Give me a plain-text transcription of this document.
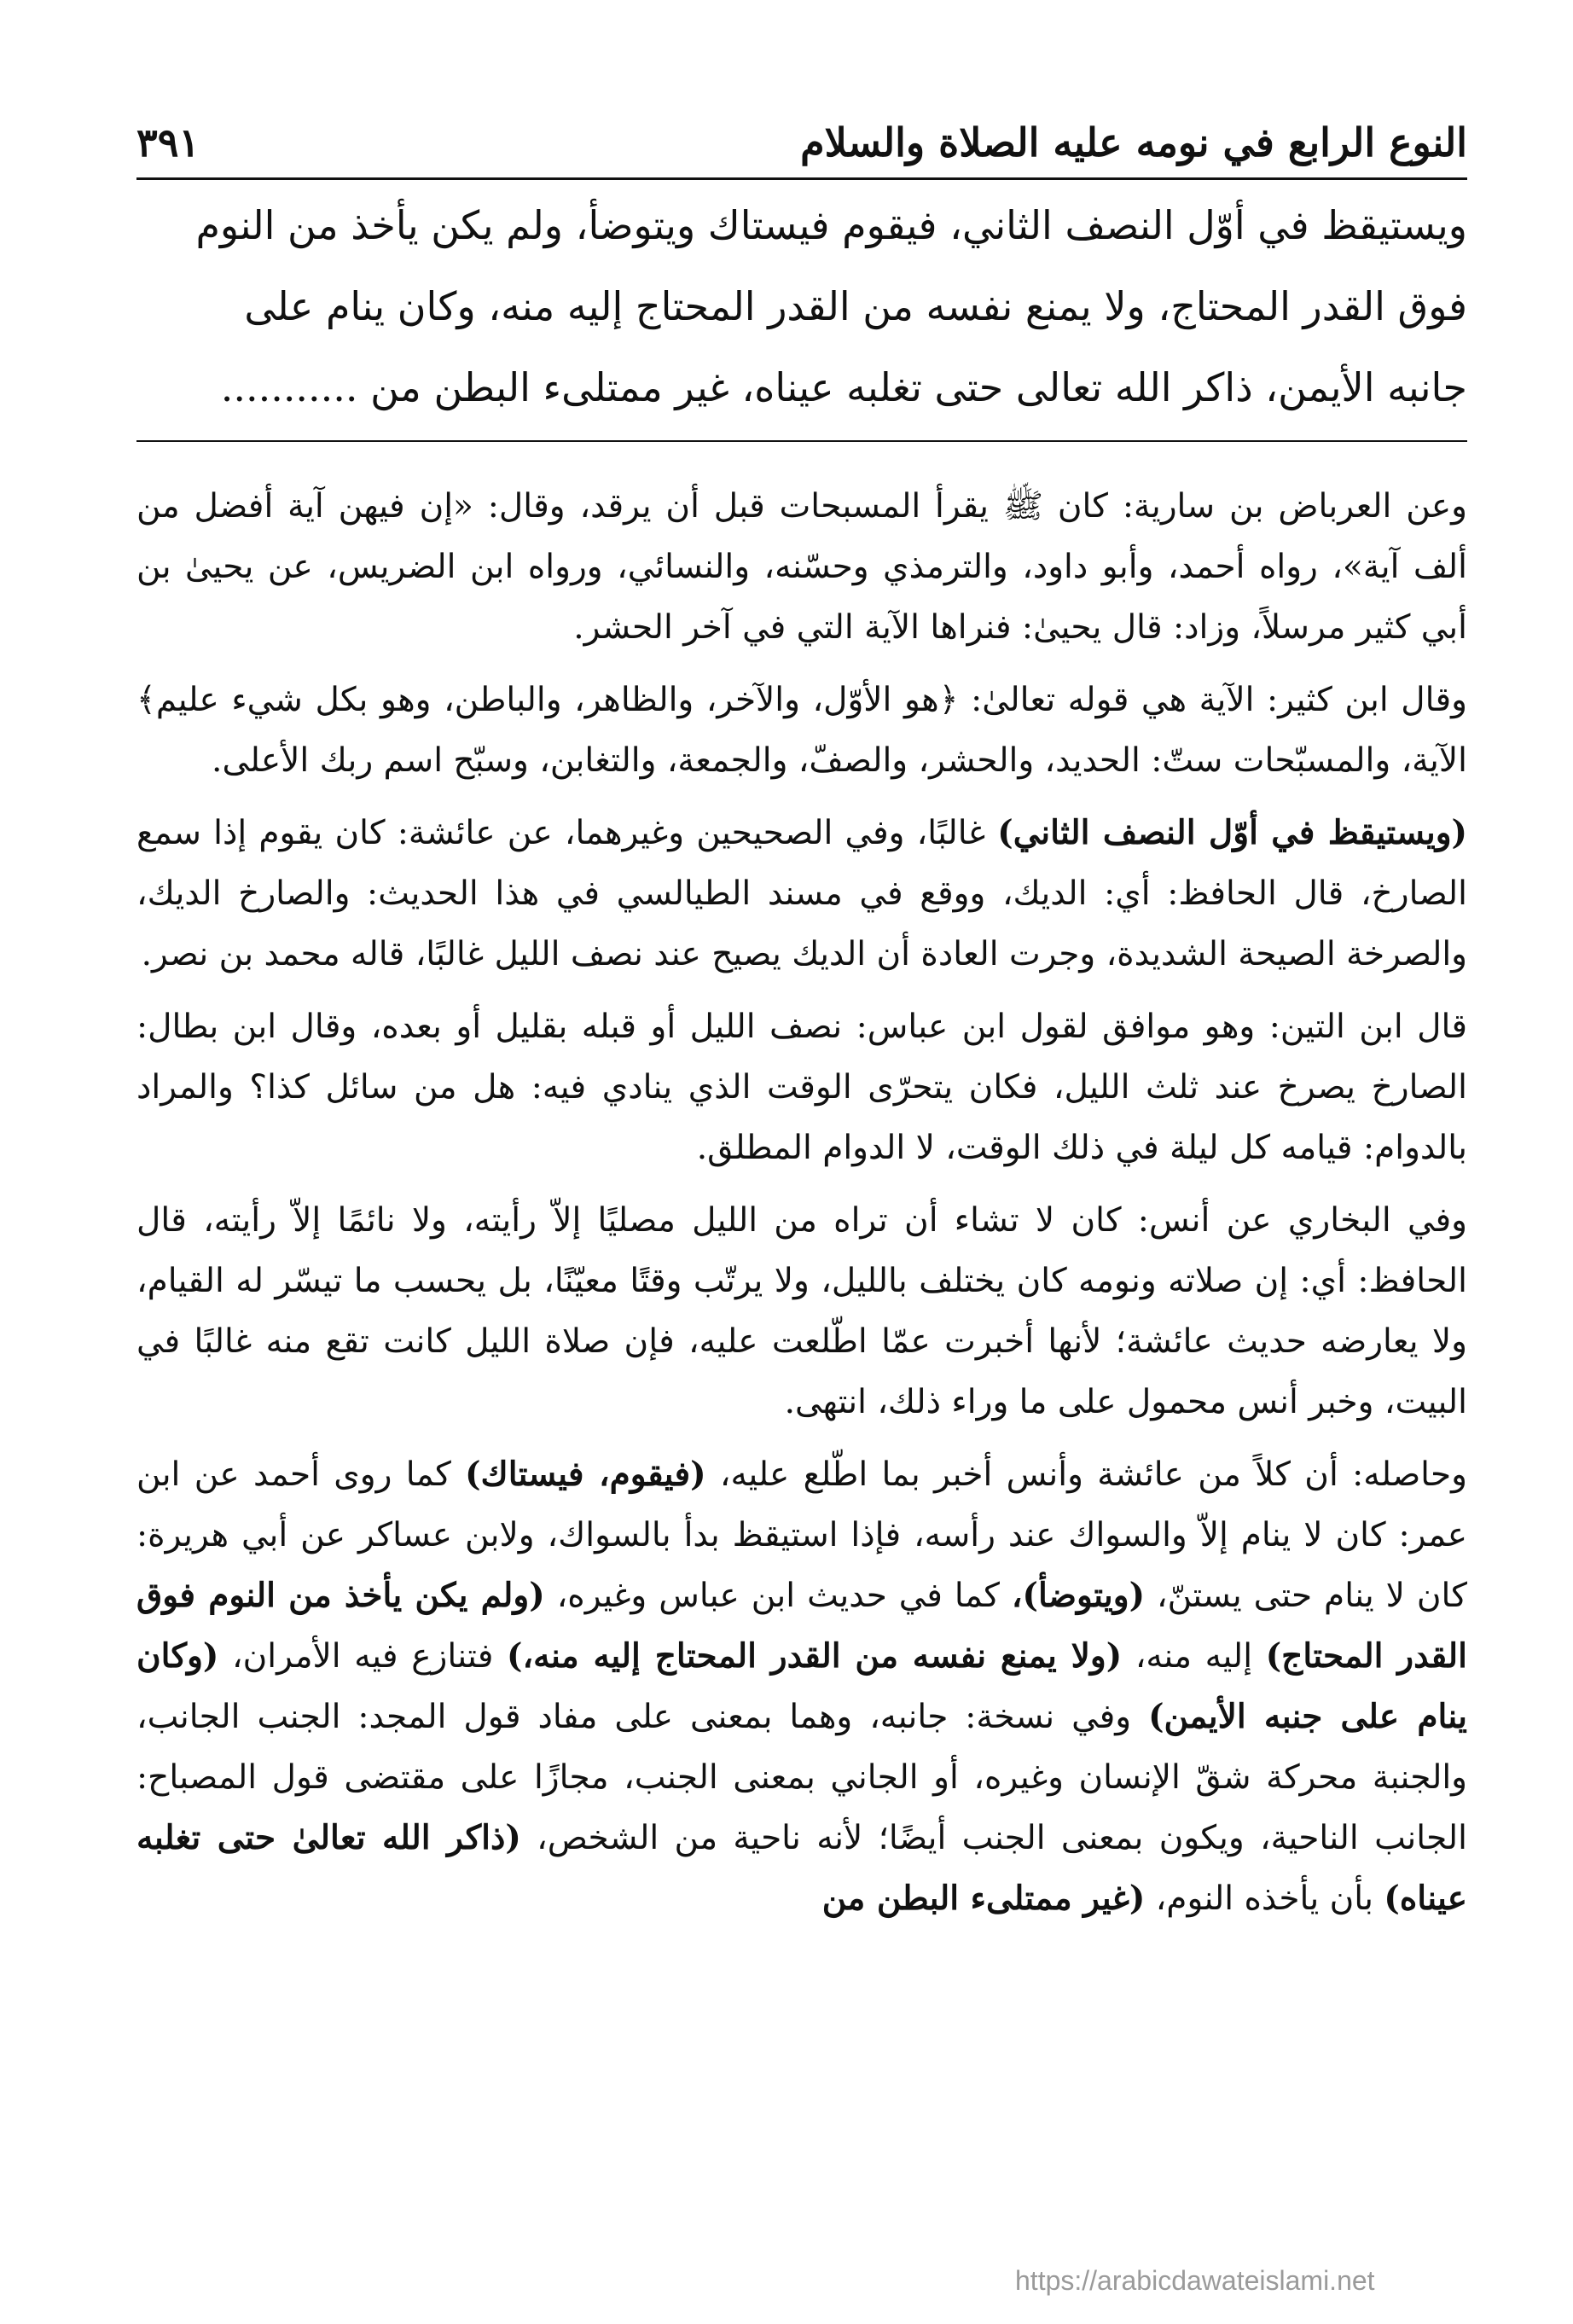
النوع الرابع في نومه عليه الصلاة والسلام
٣٩١

ويستيقظ في أوّل النصف الثاني، فيقوم فيستاك ويتوضأ، ولم يكن يأخذ من النوم

فوق القدر المحتاج، ولا يمنع نفسه من القدر المحتاج إليه منه، وكان ينام على

جانبه الأيمن، ذاكر الله تعالى حتى تغلبه عيناه، غير ممتلىء البطن من ...........

وعن العرباض بن سارية: كان ﷺ يقرأ المسبحات قبل أن يرقد، وقال: «إن فيهن آية أفضل من ألف آية»، رواه أحمد، وأبو داود، والترمذي وحسّنه، والنسائي، ورواه ابن الضريس، عن يحيىٰ بن أبي كثير مرسلاً، وزاد: قال يحيىٰ: فنراها الآية التي في آخر الحشر.

وقال ابن كثير: الآية هي قوله تعالىٰ: ﴿هو الأوّل، والآخر، والظاهر، والباطن، وهو بكل شيء عليم﴾ الآية، والمسبّحات ستّ: الحديد، والحشر، والصفّ، والجمعة، والتغابن، وسبّح اسم ربك الأعلى.

(ويستيقظ في أوّل النصف الثاني) غالبًا، وفي الصحيحين وغيرهما، عن عائشة: كان يقوم إذا سمع الصارخ، قال الحافظ: أي: الديك، ووقع في مسند الطيالسي في هذا الحديث: والصارخ الديك، والصرخة الصيحة الشديدة، وجرت العادة أن الديك يصيح عند نصف الليل غالبًا، قاله محمد بن نصر.

قال ابن التين: وهو موافق لقول ابن عباس: نصف الليل أو قبله بقليل أو بعده، وقال ابن بطال: الصارخ يصرخ عند ثلث الليل، فكان يتحرّى الوقت الذي ينادي فيه: هل من سائل كذا؟ والمراد بالدوام: قيامه كل ليلة في ذلك الوقت، لا الدوام المطلق.

وفي البخاري عن أنس: كان لا تشاء أن تراه من الليل مصليًا إلاّ رأيته، ولا نائمًا إلاّ رأيته، قال الحافظ: أي: إن صلاته ونومه كان يختلف بالليل، ولا يرتّب وقتًا معيّنًا، بل يحسب ما تيسّر له القيام، ولا يعارضه حديث عائشة؛ لأنها أخبرت عمّا اطّلعت عليه، فإن صلاة الليل كانت تقع منه غالبًا في البيت، وخبر أنس محمول على ما وراء ذلك، انتهى.

وحاصله: أن كلاً من عائشة وأنس أخبر بما اطّلع عليه، (فيقوم، فيستاك) كما روى أحمد عن ابن عمر: كان لا ينام إلاّ والسواك عند رأسه، فإذا استيقظ بدأ بالسواك، ولابن عساكر عن أبي هريرة: كان لا ينام حتى يستنّ، (ويتوضأ)، كما في حديث ابن عباس وغيره، (ولم يكن يأخذ من النوم فوق القدر المحتاج) إليه منه، (ولا يمنع نفسه من القدر المحتاج إليه منه،) فتنازع فيه الأمران، (وكان ينام على جنبه الأيمن) وفي نسخة: جانبه، وهما بمعنى على مفاد قول المجد: الجنب الجانب، والجنبة محركة شقّ الإنسان وغيره، أو الجاني بمعنى الجنب، مجازًا على مقتضى قول المصباح: الجانب الناحية، ويكون بمعنى الجنب أيضًا؛ لأنه ناحية من الشخص، (ذاكر الله تعالىٰ حتى تغلبه عيناه) بأن يأخذه النوم، (غير ممتلىء البطن من

https://arabicdawateislami.net
